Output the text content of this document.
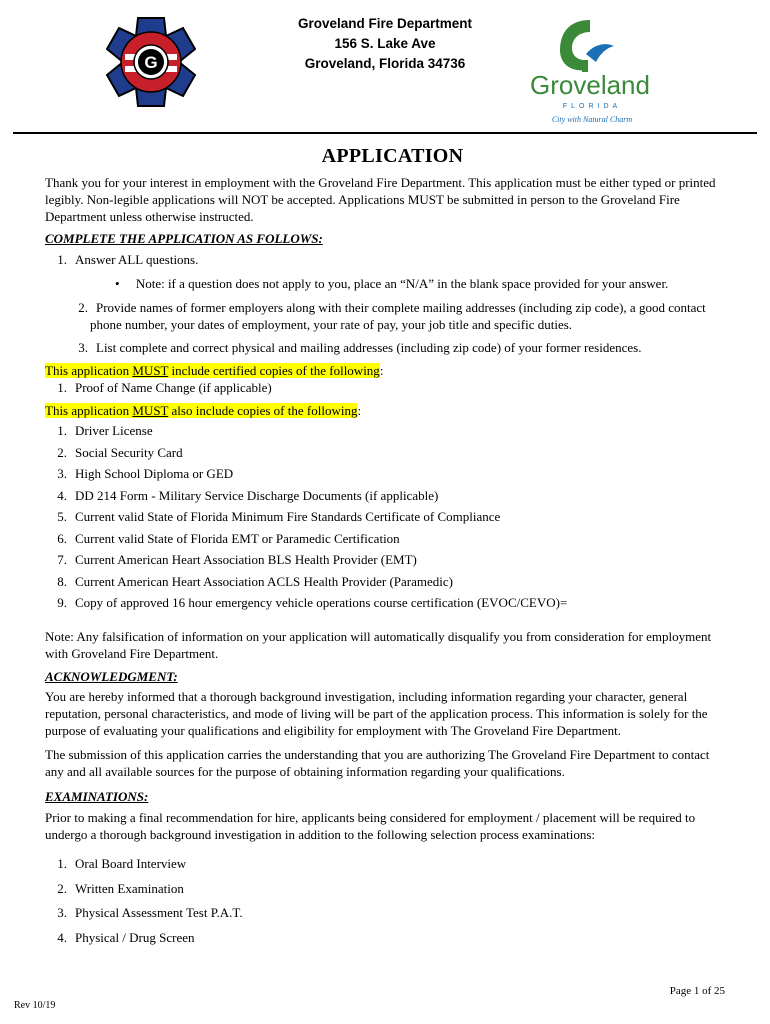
G
Groveland Fire Department
156 S. Lake Ave
Groveland, Florida 34736
Groveland
FLORIDA
City with Natural Charm
APPLICATION

Thank you for your interest in employment with the Groveland Fire Department. This application must be either typed or printed legibly. Non-legible applications will NOT be accepted. Applications MUST be submitted in person to the Groveland Fire Department unless otherwise instructed.

COMPLETE THE APPLICATION AS FOLLOWS:
1. Answer ALL questions.
•     Note: if a question does not apply to you, place an “N/A” in the blank space provided for your answer.
2. Provide names of former employers along with their complete mailing addresses (including zip code), a good contact phone number, your dates of employment, your rate of pay, your job title and specific duties.
3. List complete and correct physical and mailing addresses (including zip code) of your former residences.

This application MUST include certified copies of the following:

1. Proof of Name Change (if applicable)

This application MUST also include copies of the following:

1. Driver License
2. Social Security Card
3. High School Diploma or GED
4. DD 214 Form - Military Service Discharge Documents (if applicable)
5. Current valid State of Florida Minimum Fire Standards Certificate of Compliance
6. Current valid State of Florida EMT or Paramedic Certification
7. Current American Heart Association BLS Health Provider (EMT)
8. Current American Heart Association ACLS Health Provider (Paramedic)
9. Copy of approved 16 hour emergency vehicle operations course certification (EVOC/CEVO)=

Note: Any falsification of information on your application will automatically disqualify you from consideration for employment with Groveland Fire Department.

ACKNOWLEDGMENT:

You are hereby informed that a thorough background investigation, including information regarding your character, general reputation, personal characteristics, and mode of living will be part of the application process. This information is solely for the purpose of evaluating your qualifications and eligibility for employment with The Groveland Fire Department.

The submission of this application carries the understanding that you are authorizing The Groveland Fire Department to contact any and all available sources for the purpose of obtaining information regarding your qualifications.

EXAMINATIONS:

Prior to making a final recommendation for hire, applicants being considered for employment / placement will be required to undergo a thorough background investigation in addition to the following selection process examinations:

1. Oral Board Interview
2. Written Examination
3. Physical Assessment Test P.A.T.
4. Physical / Drug Screen
Page 1 of 25
Rev 10/19
